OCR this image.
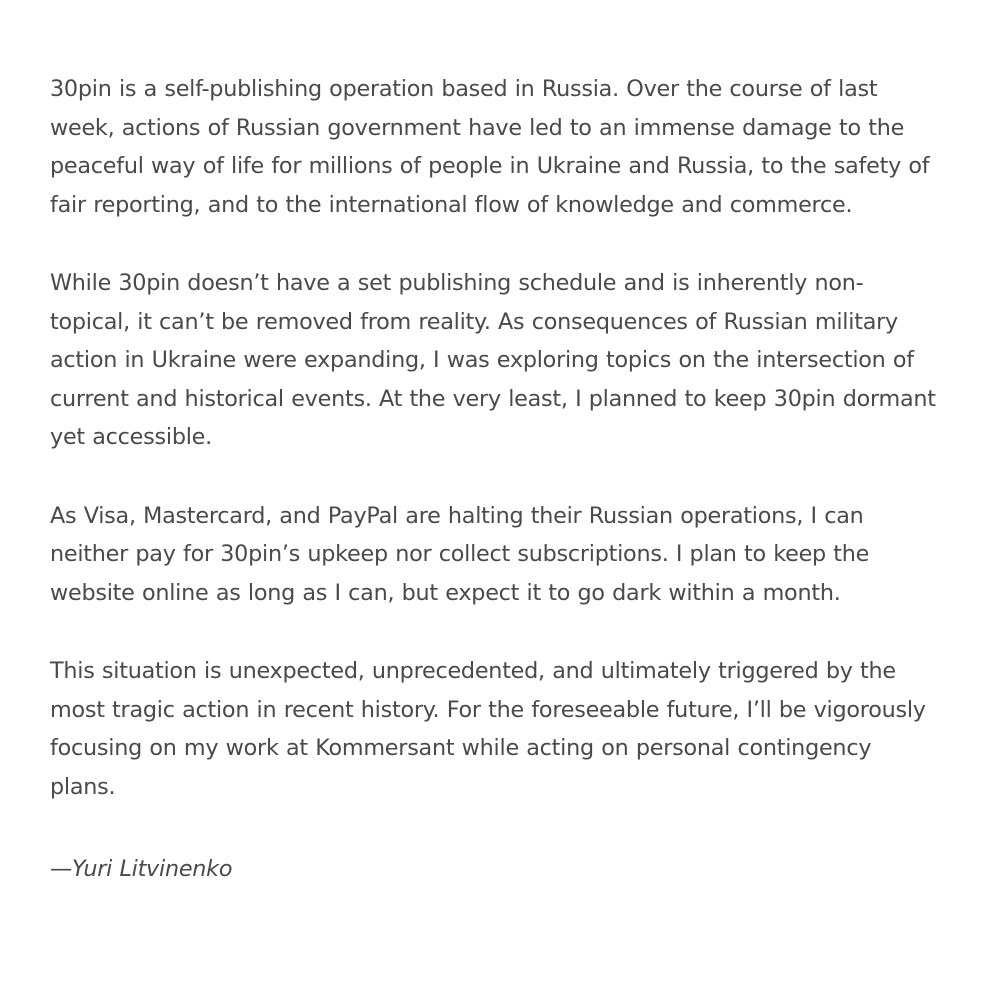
30pin is a self-publishing operation based in Russia. Over the course of last
week, actions of Russian government have led to an immense damage to the
peaceful way of life for millions of people in Ukraine and Russia, to the safety of
fair reporting, and to the international flow of knowledge and commerce.

While 30pin doesn’t have a set publishing schedule and is inherently non-
topical, it can’t be removed from reality. As consequences of Russian military
action in Ukraine were expanding, I was exploring topics on the intersection of
current and historical events. At the very least, I planned to keep 30pin dormant
yet accessible.

As Visa, Mastercard, and PayPal are halting their Russian operations, I can
neither pay for 30pin’s upkeep nor collect subscriptions. I plan to keep the
website online as long as I can, but expect it to go dark within a month.

This situation is unexpected, unprecedented, and ultimately triggered by the
most tragic action in recent history. For the foreseeable future, I’ll be vigorously
focusing on my work at Kommersant while acting on personal contingency
plans.

—Yuri Litvinenko
